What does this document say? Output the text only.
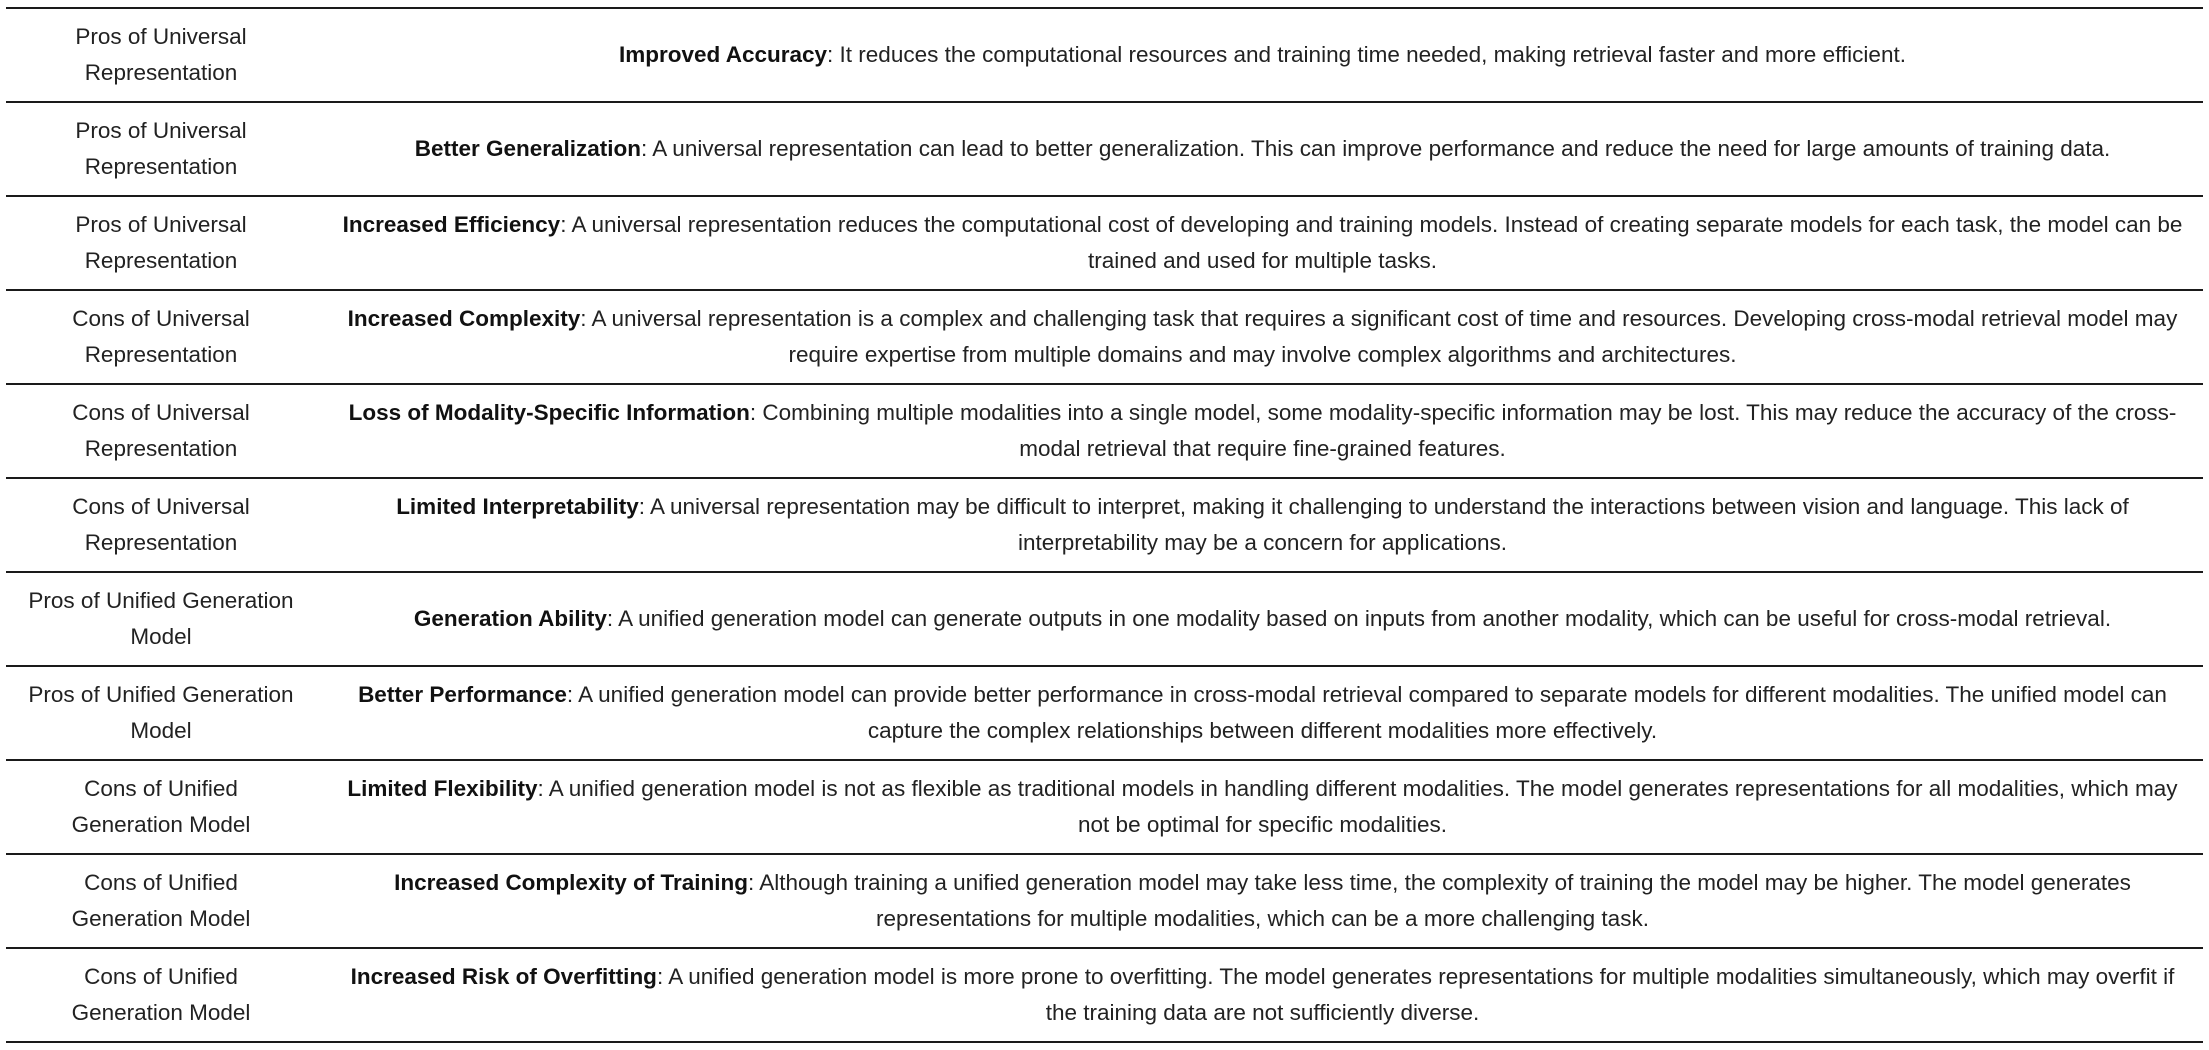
Pros of Universal Representation
Improved Accuracy: It reduces the computational resources and training time needed, making retrieval faster and more efficient.
Pros of Universal Representation
Better Generalization: A universal representation can lead to better generalization. This can improve performance and reduce the need for large amounts of training data.
Pros of Universal Representation
Increased Efficiency: A universal representation reduces the computational cost of developing and training models. Instead of creating separate models for each task, the model can be trained and used for multiple tasks.
Cons of Universal Representation
Increased Complexity: A universal representation is a complex and challenging task that requires a significant cost of time and resources. Developing cross-modal retrieval model may require expertise from multiple domains and may involve complex algorithms and architectures.
Cons of Universal Representation
Loss of Modality-Specific Information: Combining multiple modalities into a single model, some modality-specific information may be lost. This may reduce the accuracy of the cross-modal retrieval that require fine-grained features.
Cons of Universal Representation
Limited Interpretability: A universal representation may be difficult to interpret, making it challenging to understand the interactions between vision and language. This lack of interpretability may be a concern for applications.
Pros of Unified Generation Model
Generation Ability: A unified generation model can generate outputs in one modality based on inputs from another modality, which can be useful for cross-modal retrieval.
Pros of Unified Generation Model
Better Performance: A unified generation model can provide better performance in cross-modal retrieval compared to separate models for different modalities. The unified model can capture the complex relationships between different modalities more effectively.
Cons of Unified Generation Model
Limited Flexibility: A unified generation model is not as flexible as traditional models in handling different modalities. The model generates representations for all modalities, which may not be optimal for specific modalities.
Cons of Unified Generation Model
Increased Complexity of Training: Although training a unified generation model may take less time, the complexity of training the model may be higher. The model generates representations for multiple modalities, which can be a more challenging task.
Cons of Unified Generation Model
Increased Risk of Overfitting: A unified generation model is more prone to overfitting. The model generates representations for multiple modalities simultaneously, which may overfit if the training data are not sufficiently diverse.
